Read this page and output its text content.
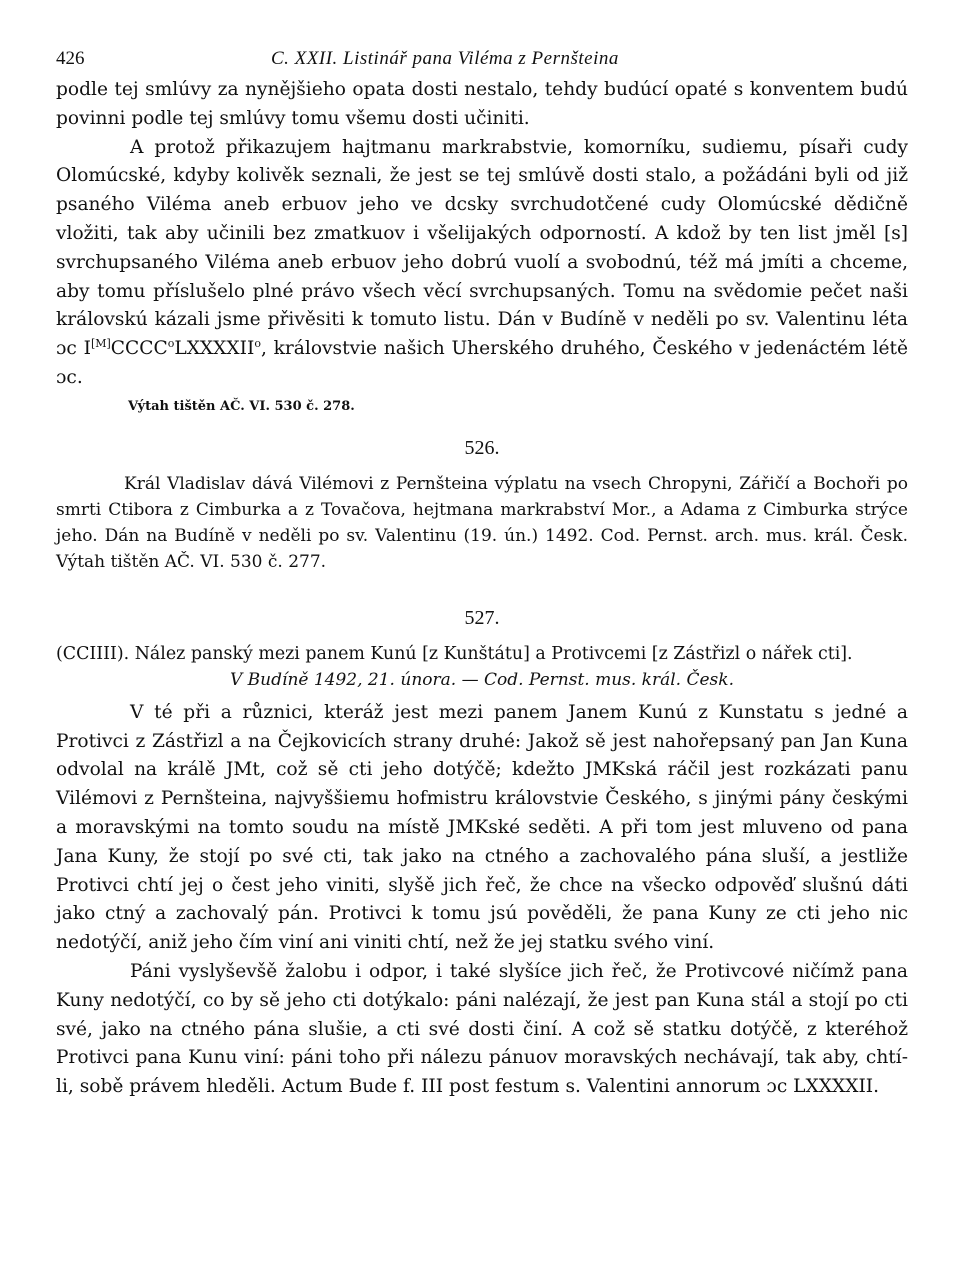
426	C. XXII. Listinář pana Viléma z Pernšteina

podle tej smlúvy za nynějšieho opata dosti nestalo, tehdy budúcí opaté s konventem budú povinni podle tej smlúvy tomu všemu dosti učiniti.

A protož přikazujem hajtmanu markrabstvie, komorníku, sudiemu, písaři cudy Olomúcské, kdyby kolivěk seznali, že jest se tej smlúvě dosti stalo, a požádáni byli od již psaného Viléma aneb erbuov jeho ve dcsky svrchudotčené cudy Olomúcské dědičně vložiti, tak aby učinili bez zmatkuov i všelijakých odporností. A kdož by ten list jměl [s] svrchupsaného Viléma aneb erbuov jeho dobrú vuolí a svobodnú, též má jmíti a chceme, aby tomu příslušelo plné právo všech věcí svrchupsaných. Tomu na svědomie pečet naši královskú kázali jsme přivěsiti k tomuto listu. Dán v Budíně v neděli po sv. Valentinu léta ɔc I[M]CCCC$^o$LXXXXII$^o$, královstvie našich Uherského druhého, Českého v jedenáctém létě ɔc.

Výtah tištěn AČ. VI. 530 č. 278.
526.

Král Vladislav dává Vilémovi z Pernšteina výplatu na vsech Chropyni, Zářičí a Bochoři po smrti Ctibora z Cimburka a z Tovačova, hejtmana markrabství Mor., a Adama z Cimburka strýce jeho. Dán na Budíně v neděli po sv. Valentinu (19. ún.) 1492. Cod. Pernst. arch. mus. král. Česk. Výtah tištěn AČ. VI. 530 č. 277.

527.

(CCIIII). Nález panský mezi panem Kunú [z Kunštátu] a Protivcemi [z Zástřizl o nářek cti].

V Budíně 1492, 21. února. — Cod. Pernst. mus. král. Česk.

V té při a různici, kteráž jest mezi panem Janem Kunú z Kunstatu s jedné a Protivci z Zástřizl a na Čejkovicích strany druhé: Jakož sě jest nahořepsaný pan Jan Kuna odvolal na králě JMt, což sě cti jeho dotýčě; kdežto JMKská ráčil jest rozkázati panu Vilémovi z Pernšteina, najvyššiemu hofmistru královstvie Českého, s jinými pány českými a moravskými na tomto soudu na místě JMKské seděti. A při tom jest mluveno od pana Jana Kuny, že stojí po své cti, tak jako na ctného a zachovalého pána sluší, a jestliže Protivci chtí jej o čest jeho viniti, slyšě jich řeč, že chce na všecko odpověď slušnú dáti jako ctný a zachovalý pán. Protivci k tomu jsú pověděli, že pana Kuny ze cti jeho nic nedotýčí, aniž jeho čím viní ani viniti chtí, než že jej statku svého viní.

Páni vyslyševšě žalobu i odpor, i také slyšíce jich řeč, že Protivcové ničímž pana Kuny nedotýčí, co by sě jeho cti dotýkalo: páni nalézají, že jest pan Kuna stál a stojí po cti své, jako na ctného pána slušie, a cti své dosti činí. A což sě statku dotýčě, z kteréhož Protivci pana Kunu viní: páni toho při nálezu pánuov moravských nechávají, tak aby, chtí-li, sobě právem hleděli. Actum Bude f. III post festum s. Valentini annorum ɔc LXXXXII.
